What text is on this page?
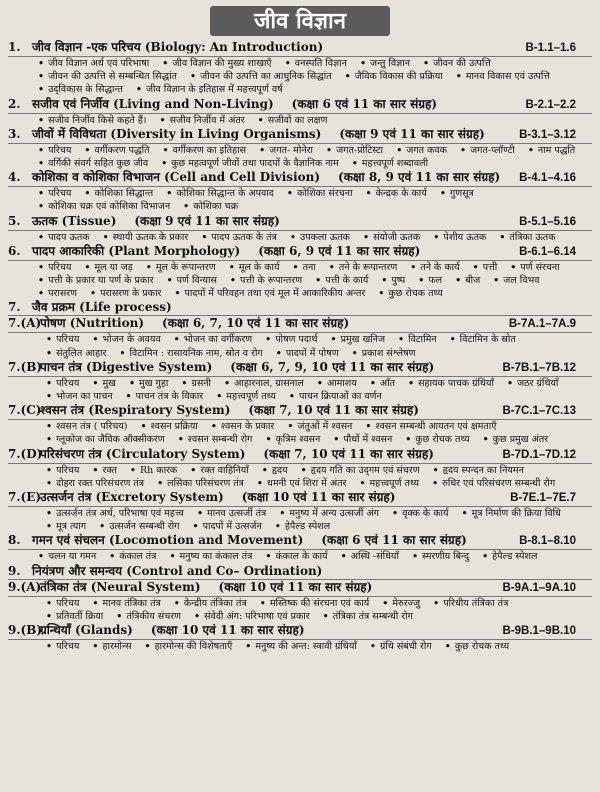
जीव विज्ञान
1. जीव विज्ञान -एक परिचय (Biology: An Introduction)	B-1.1–1.6
• जीव विज्ञान अर्थ एवं परिभाषा • जीव विज्ञान की मुख्य शाखाएँ • वनस्पति विज्ञान • जन्तु विज्ञान • जीवन की उत्पत्ति • जीवन की उत्पत्ति से सम्बन्धित सिद्धांत • जीवन की उत्पत्ति का आधुनिक सिद्धांत • जैविक विकास की प्रक्रिया • मानव विकास एवं उत्पत्ति • उद्‌विकास के सिद्धान्त • जीव विज्ञान के इतिहास में महत्त्वपूर्ण वर्ष
2. सजीव एवं निर्जीव (Living and Non-Living) (कक्षा 6 एवं 11 का सार संग्रह)	B-2.1–2.2
• सजीव निर्जीव किसे कहते हैं। • सजीव निर्जीव में अंतर • सजीवों का लक्षण
3. जीवों में विविधता (Diversity in Living Organisms) (कक्षा 9 एवं 11 का सार संग्रह)	B-3.1–3.12
• परिचय • वर्गीकरण पद्धति • वर्गीकरण का इतिहास • जगत- मोनेरा • जगत-प्रोटिस्टा • जगत कवक • जगत-प्लॉण्टी • नाम पद्धति • वर्गिकी संवर्ग सहित कुछ जीव • कुछ महत्वपूर्ण जीवों तथा पादपों के वैज्ञानिक नाम • महत्त्वपूर्ण शब्दावली
4. कोशिका व कोशिका विभाजन (Cell and Cell Division) (कक्षा 8, 9 एवं 11 का सार संग्रह) B-4.1–4.16
• परिचय • कोशिका सिद्धान्त • कोशिका सिद्धान्त के अपवाद • कोशिका संरचना • केन्द्रक के कार्य • गुणसूत्र • कोशिका चक्र एवं कोशिका विभाजन • कोशिका चक्र
5. ऊतक (Tissue) (कक्षा 9 एवं 11 का सार संग्रह)	B-5.1–5.16
• पादप ऊतक • स्थायी ऊतक के प्रकार • पादप ऊतक के तंत्र • उपकला ऊतक • संयोजी ऊतक • पेशीय ऊतक • तंत्रिका ऊतक
6. पादप आकारिकी (Plant Morphology) (कक्षा 6, 9 एवं 11 का सार संग्रह)	B-6.1–6.14
• परिचय • मूल या जड़ • मूल के रूपान्तरण • मूल के कार्य • तना • तने के रूपान्तरण • तने के कार्य • पत्ती • पर्ण संरचना • पत्ती के प्रकार या पर्ण के प्रकार • पर्ण विन्यास • पत्ती के रूपान्तरण • पत्ती के कार्य • पुष्प • फल • बीज • जल विभव • परासरण • परासरण के प्रकार • पादपों में परिवहन तथा एवं मूल में आकारिकीय अन्तर • कुछ रोचक तथ्य
7. जैव प्रक्रम (Life process)
7.(A)
पोषण (Nutrition) (कक्षा 6, 7, 10 एवं 11 का सार संग्रह)	B-7A.1–7A.9
• परिचय • भोजन के अवयव • भोजन का वर्गीकरण • पोषण पदार्थ • प्रमुख खनिज • विटामिन • विटामिन के स्रोत • संतुलित आहार • विटामिन : रासायनिक नाम, स्रोत व रोग • पादपों में पोषण • प्रकाश संश्लेषण
7.(B)
पाचन तंत्र (Digestive System) (कक्षा 6, 7, 9, 10 एवं 11 का सार संग्रह)	B-7B.1–7B.12
• परिचय • मुख • मुख गुहा • ग्रसनी • आहारनाल, ग्रासनाल • आमाशय • आँत • सहायक पाचक ग्रंथियाँ • जठर ग्रंथियाँ • भोजन का पाचन • पाचन तंत्र के विकार • महत्त्वपूर्ण तथ्य • पाचन क्रियाओं का वर्णन
7.(C)
श्वसन तंत्र (Respiratory System) (कक्षा 7, 10 एवं 11 का सार संग्रह)	B-7C.1–7C.13
• श्वसन तंत्र ( परिचय) • श्वसन प्रक्रिया • श्वसन के प्रकार • जंतुओं में श्वसन • श्वसन सम्बन्धी आयतन एवं क्षमताएँ • ग्लूकोज का जैविक ऑक्सीकरण • श्वसन सम्बन्धी रोग • कृत्रिम श्वसन • पौधों में श्वसन • कुछ रोचक तथ्य • कुछ प्रमुख अंतर
7.(D)
परिसंचरण तंत्र (Circulatory System) (कक्षा 7, 10 एवं 11 का सार संग्रह)	B-7D.1–7D.12
• परिचय • रक्त • Rh कारक • रक्त वाहिनियाँ • हृदय • हृदय गति का उद्‌गम एवं संचरण • हृदय स्पन्दन का नियमन • दोहरा रक्त परिसंचरण तंत्र • लसिका परिसंचरण तंत्र • धमनी एवं शिरा में अंतर • महत्त्वपूर्ण तथ्य • रुधिर एवं परिसंचरण सम्बन्धी रोग
7.(E)
उत्सर्जन तंत्र (Excretory System) (कक्षा 10 एवं 11 का सार संग्रह)	B-7E.1–7E.7
• उत्सर्जन तंत्र अर्थ, परिभाषा एवं महत्त्व • मानव उत्सर्जी तंत्र • मनुष्य में अन्य उत्सर्जी अंग • वृक्क के कार्य • मूत्र निर्माण की क्रिया विधि • मूत्र त्याग • उत्सर्जन सम्बन्धी रोग • पादपों में उत्सर्जन • हेपैल्ड स्पेशल
8. गमन एवं संचलन (Locomotion and Movement) (कक्षा 6 एवं 11 का सार संग्रह)	B-8.1–8.10
• चलन या गमन • कंकाल तंत्र • मनुष्य का कंकाल तंत्र • कंकाल के कार्य • अस्थि -संधियाँ • स्मरणीय बिन्दु • हेपैल्ड स्पेशल
9. नियंत्रण और समन्वय (Control and Co– Ordination)
9.(A)
तंत्रिका तंत्र (Neural System) (कक्षा 10 एवं 11 का सार संग्रह)	B-9A.1–9A.10
• परिचय • मानव तंत्रिका तंत्र • केन्द्रीय तंत्रिका तंत्र • मस्तिष्क की संरचना एवं कार्य • मेरुरज्जु • परिधीय तंत्रिका तंत्र • प्रतिवर्ती क्रिया • तंत्रिकीय संचरण • संवेदी अंग: परिभाषा एवं प्रकार • तंत्रिका तंत्र सम्बन्धी रोग
9.(B)
ग्रन्थियाँ (Glands) (कक्षा 10 एवं 11 का सार संग्रह)	B-9B.1–9B.10
• परिचय • हारमोन्स • हारमोन्स की विशेषताएँ • मनुष्य की अन्त: स्त्रावी ग्रंथियाँ • ग्रंथि संबंधी रोग • कुछ रोचक तथ्य
